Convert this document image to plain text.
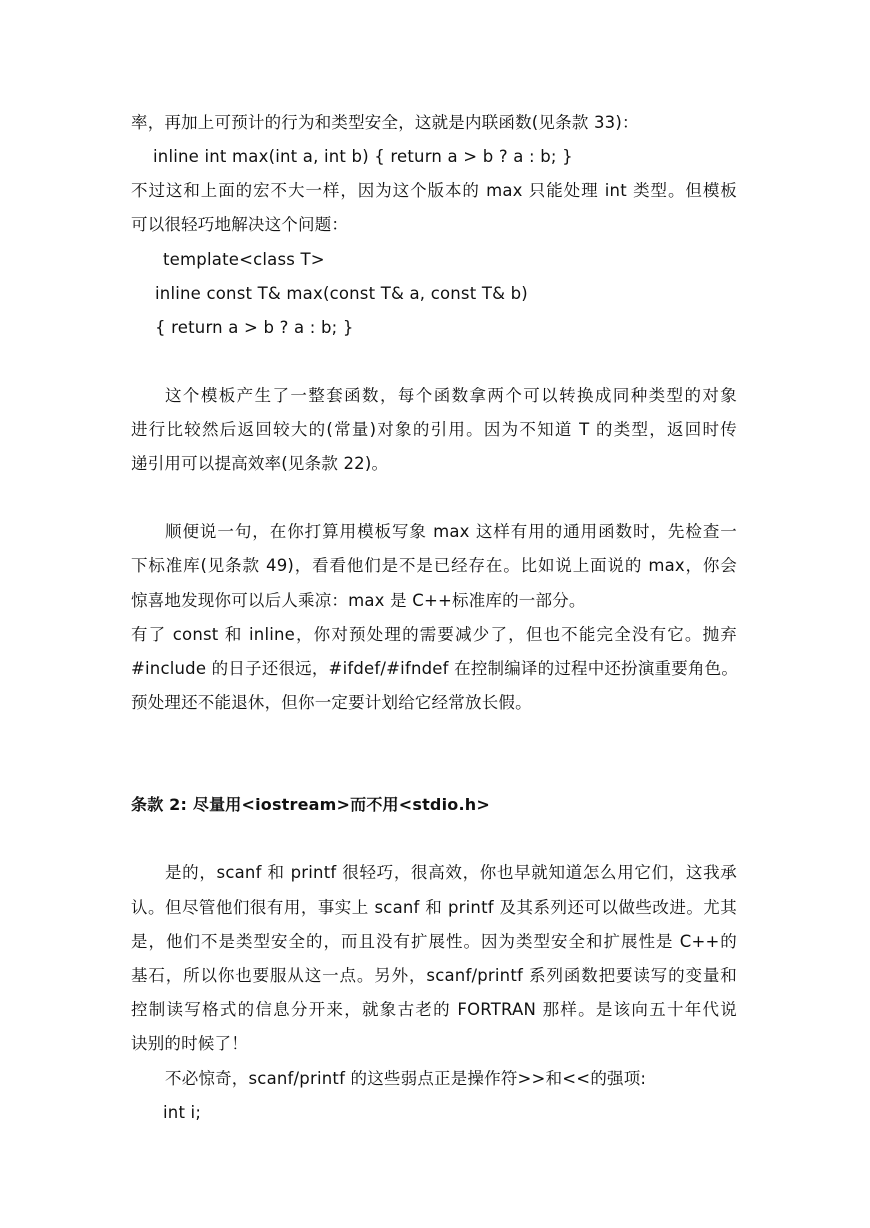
率，再加上可预计的行为和类型安全，这就是内联函数(见条款 33)：
inline int max(int a, int b) { return a > b ? a : b; }
不过这和上面的宏不大一样，因为这个版本的 max 只能处理 int 类型。但模板
可以很轻巧地解决这个问题：
template<class T>
inline const T& max(const T& a, const T& b)
{ return a > b ? a : b; }
这个模板产生了一整套函数，每个函数拿两个可以转换成同种类型的对象
进行比较然后返回较大的(常量)对象的引用。因为不知道 T 的类型，返回时传
递引用可以提高效率(见条款 22)。
顺便说一句，在你打算用模板写象 max 这样有用的通用函数时，先检查一
下标准库(见条款 49)，看看他们是不是已经存在。比如说上面说的 max，你会
惊喜地发现你可以后人乘凉：max 是 C++标准库的一部分。
有了 const 和 inline，你对预处理的需要减少了，但也不能完全没有它。抛弃
#include 的日子还很远，#ifdef/#ifndef 在控制编译的过程中还扮演重要角色。
预处理还不能退休，但你一定要计划给它经常放长假。
条款 2: 尽量用<iostream>而不用<stdio.h>
是的，scanf 和 printf 很轻巧，很高效，你也早就知道怎么用它们，这我承
认。但尽管他们很有用，事实上 scanf 和 printf 及其系列还可以做些改进。尤其
是，他们不是类型安全的，而且没有扩展性。因为类型安全和扩展性是 C++的
基石，所以你也要服从这一点。另外，scanf/printf 系列函数把要读写的变量和
控制读写格式的信息分开来，就象古老的 FORTRAN 那样。是该向五十年代说
诀别的时候了！
不必惊奇，scanf/printf 的这些弱点正是操作符>>和<<的强项:
int i;
